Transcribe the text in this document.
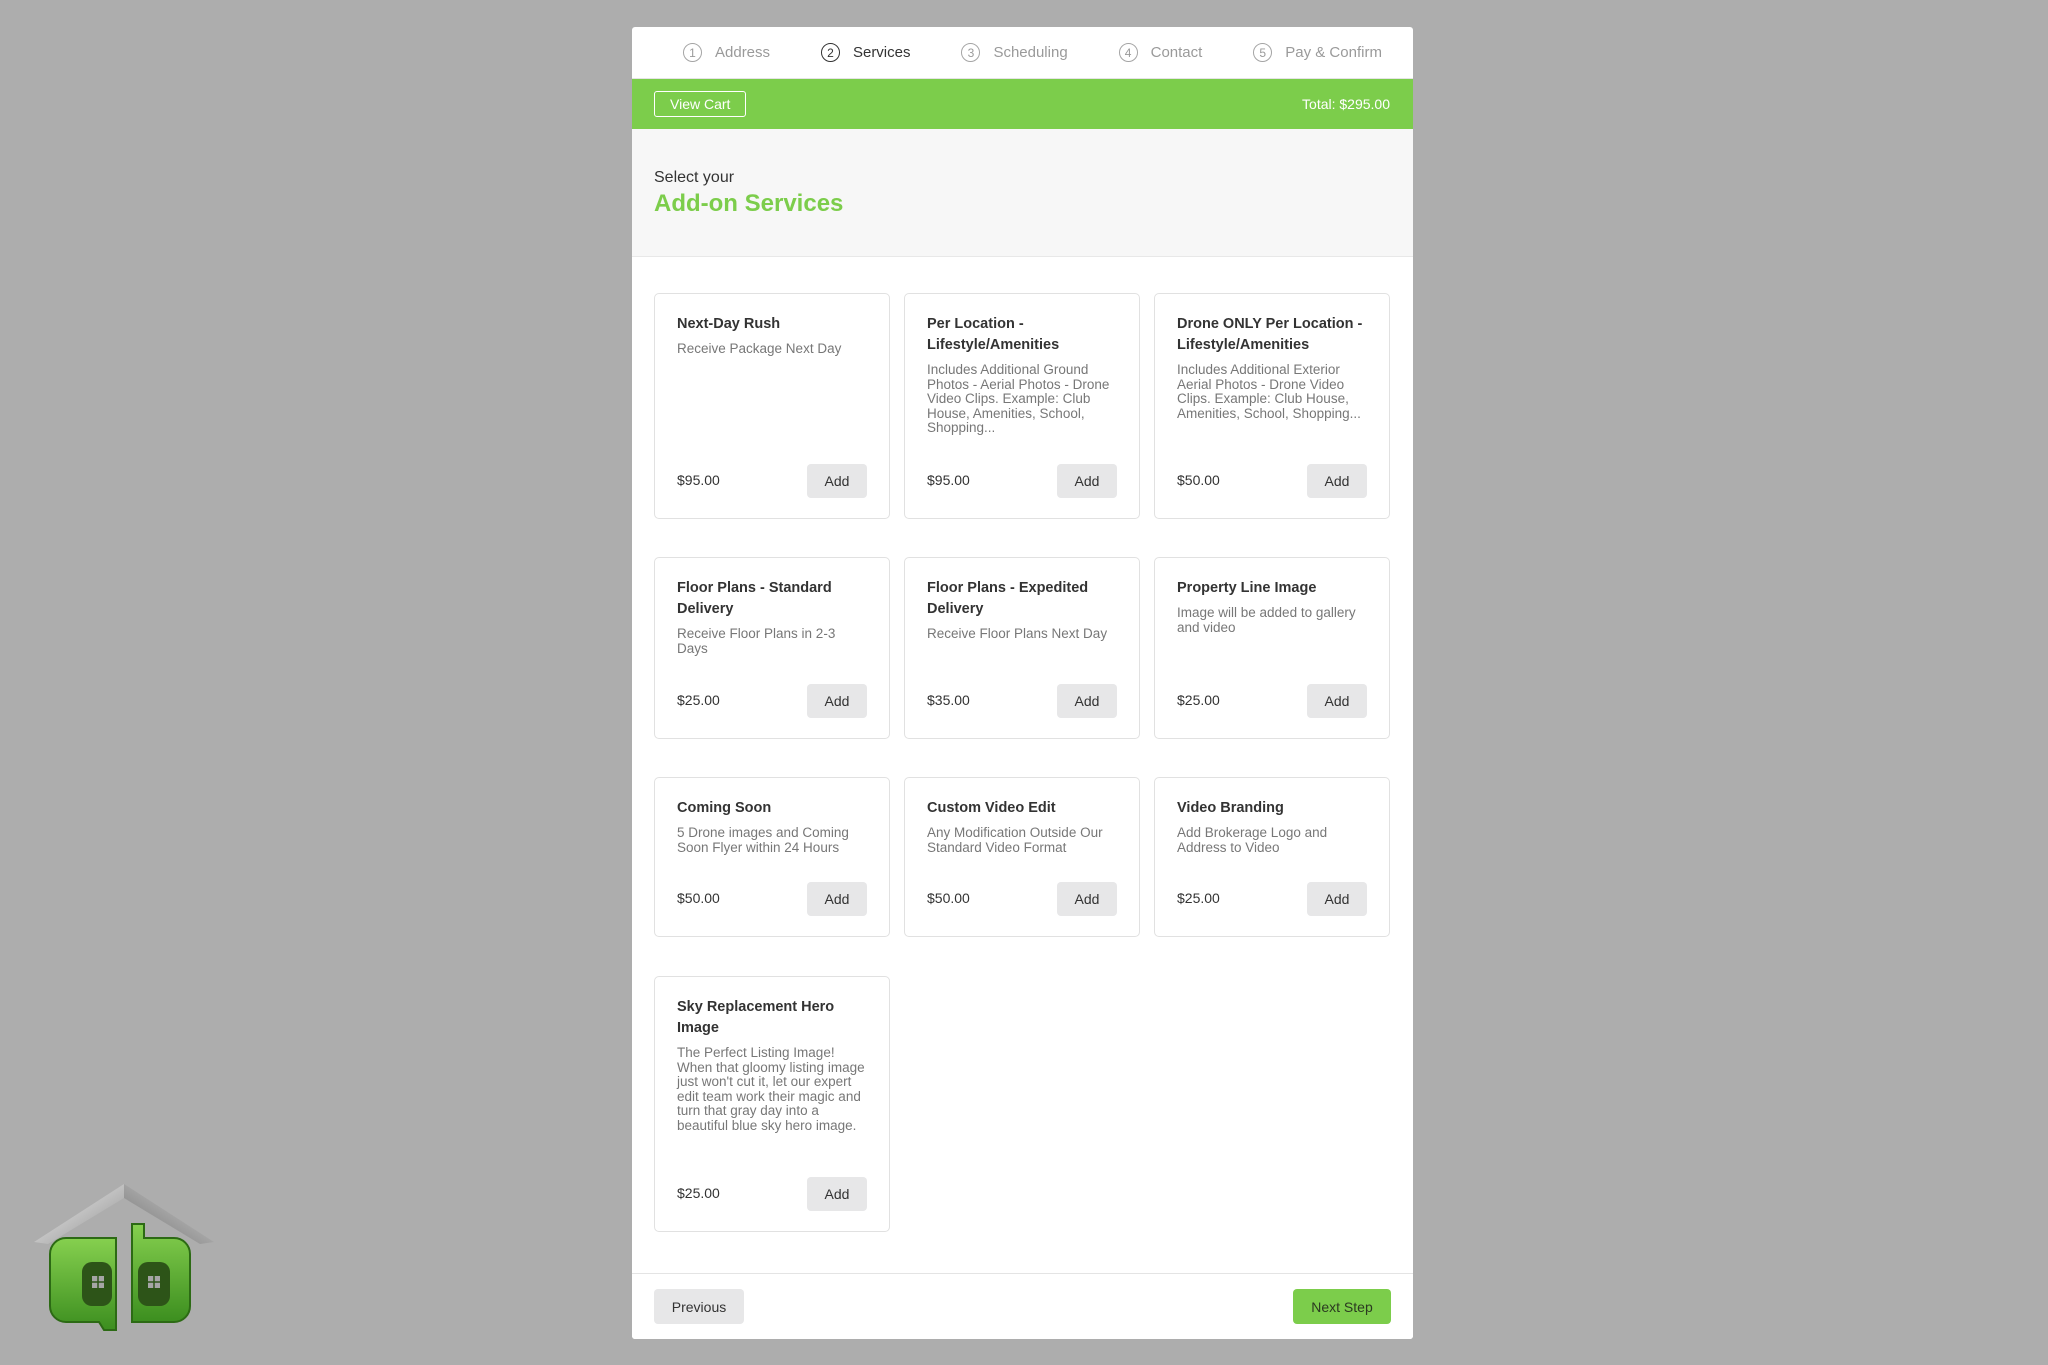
1	Address	2	Services	3	Scheduling	4	Contact	5	Pay & Confirm
View Cart	Total: $295.00
Select your
Add-on Services
Next-Day Rush
Receive Package Next Day
$95.00	Add
Per Location - Lifestyle/Amenities
Includes Additional Ground Photos - Aerial Photos - Drone Video Clips. Example: Club House, Amenities, School, Shopping...
$95.00	Add
Drone ONLY Per Location - Lifestyle/Amenities
Includes Additional Exterior Aerial Photos - Drone Video Clips. Example: Club House, Amenities, School, Shopping...
$50.00	Add
Floor Plans - Standard Delivery
Receive Floor Plans in 2-3 Days
$25.00	Add
Floor Plans - Expedited Delivery
Receive Floor Plans Next Day
$35.00	Add
Property Line Image
Image will be added to gallery and video
$25.00	Add
Coming Soon
5 Drone images and Coming Soon Flyer within 24 Hours
$50.00	Add
Custom Video Edit
Any Modification Outside Our Standard Video Format
$50.00	Add
Video Branding
Add Brokerage Logo and Address to Video
$25.00	Add
Sky Replacement Hero Image
The Perfect Listing Image! When that gloomy listing image just won't cut it, let our expert edit team work their magic and turn that gray day into a beautiful blue sky hero image.
$25.00	Add
Previous	Next Step
